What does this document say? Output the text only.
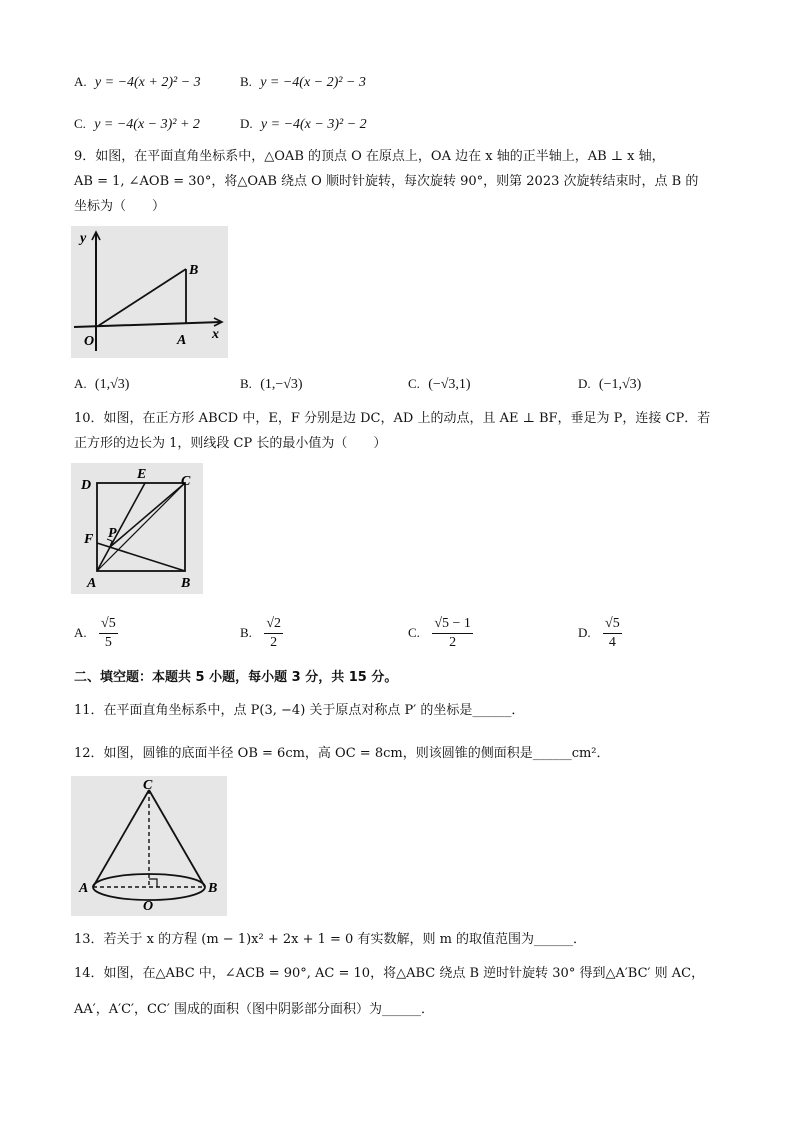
A. y = −4(x + 2)² − 3	B. y = −4(x − 2)² − 3
C. y = −4(x − 3)² + 2	D. y = −4(x − 3)² − 2
9．如图，在平面直角坐标系中，△OAB 的顶点 O 在原点上，OA 边在 x 轴的正半轴上，AB ⊥ x 轴，
AB = 1, ∠AOB = 30°，将△OAB 绕点 O 顺时针旋转，每次旋转 90°，则第 2023 次旋转结束时，点 B 的
坐标为（　　）
y
x
O	A
B
A. (1,√3)	B. (1,−√3)	C. (−√3,1)	D. (−1,√3)
10．如图，在正方形 ABCD 中，E，F 分别是边 DC，AD 上的动点，且 AE ⊥ BF，垂足为 P，连接 CP．若
正方形的边长为 1，则线段 CP 长的最小值为（　　）
D
E C
F P
A	B
A. $\frac{√5}{5}$	B. $\frac{√2}{2}$	C. $\frac{√5 - 1}{2}$	D. $\frac{√5}{4}$
二、填空题：本题共 5 小题，每小题 3 分，共 15 分。
11．在平面直角坐标系中，点 P(3, −4) 关于原点对称点 P′ 的坐标是______．
12．如图，圆锥的底面半径 OB = 6cm，高 OC = 8cm，则该圆锥的侧面积是______cm²．
C
A
O
B
13．若关于 x 的方程 (m − 1)x² + 2x + 1 = 0 有实数解，则 m 的取值范围为______．
14．如图，在△ABC 中，∠ACB = 90°, AC = 10，将△ABC 绕点 B 逆时针旋转 30° 得到△A′BC′ 则 AC，
AA′，A′C′，CC′ 围成的面积（图中阴影部分面积）为______．
